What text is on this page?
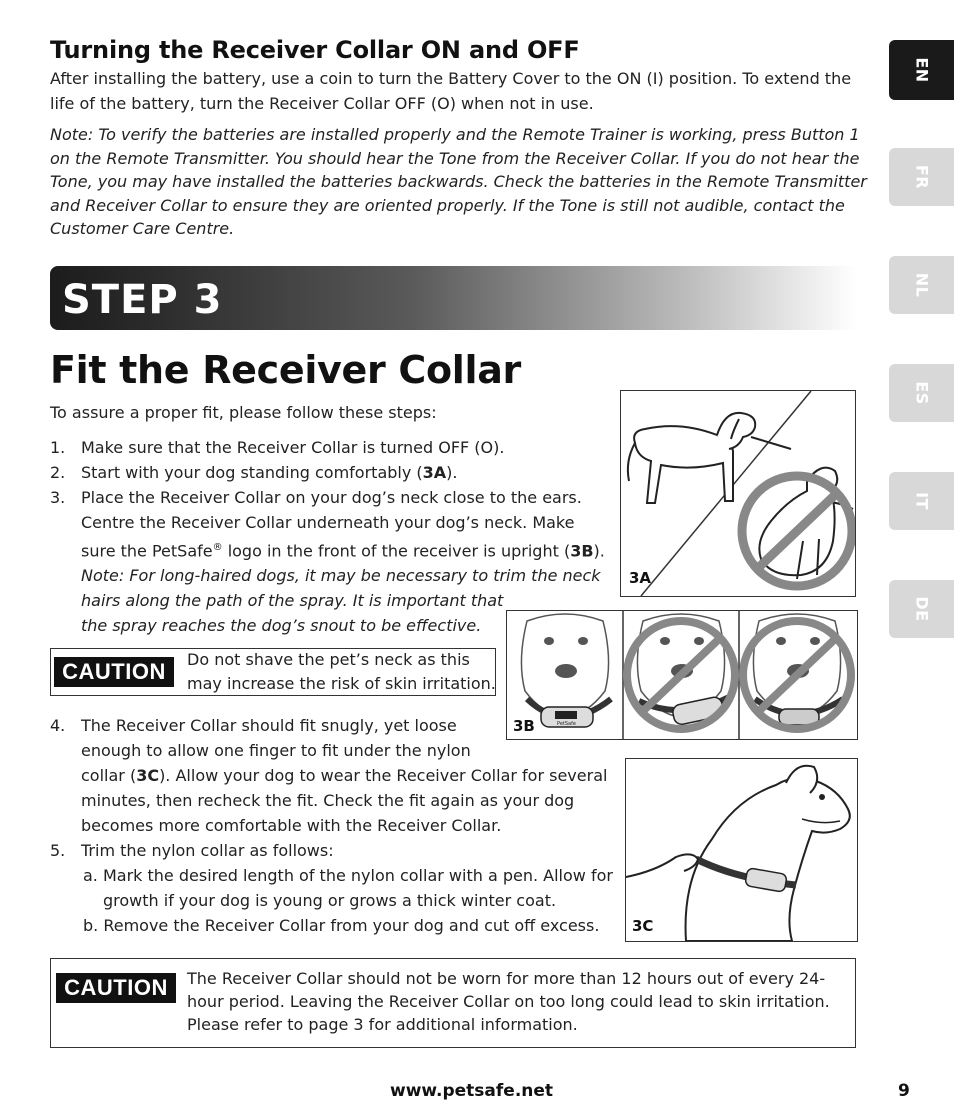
Turning the Receiver Collar ON and OFF
After installing the battery, use a coin to turn the Battery Cover to the ON (I) position. To extend the
life of the battery, turn the Receiver Collar OFF (O) when not in use.
Note: To verify the batteries are installed properly and the Remote Trainer is working, press Button 1
on the Remote Transmitter. You should hear the Tone from the Receiver Collar. If you do not hear the
Tone, you may have installed the batteries backwards. Check the batteries in the Remote Transmitter
and Receiver Collar to ensure they are oriented properly. If the Tone is still not audible, contact the
Customer Care Centre.
STEP 3
Fit the Receiver Collar
To assure a proper fit, please follow these steps:
1. Make sure that the Receiver Collar is turned OFF (O).
2. Start with your dog standing comfortably (3A).
3. Place the Receiver Collar on your dog’s neck close to the ears.
Centre the Receiver Collar underneath your dog’s neck. Make
sure the PetSafe® logo in the front of the receiver is upright (3B).
Note: For long-haired dogs, it may be necessary to trim the neck
hairs along the path of the spray. It is important that
the spray reaches the dog’s snout to be effective.
CAUTION	Do not shave the pet’s neck as this
may increase the risk of skin irritation.
4. The Receiver Collar should fit snugly, yet loose
enough to allow one finger to fit under the nylon
collar (3C). Allow your dog to wear the Receiver Collar for several
minutes, then recheck the fit. Check the fit again as your dog
becomes more comfortable with the Receiver Collar.
5. Trim the nylon collar as follows:
a. Mark the desired length of the nylon collar with a pen. Allow for
growth if your dog is young or grows a thick winter coat.
b. Remove the Receiver Collar from your dog and cut off excess.
CAUTION	The Receiver Collar should not be worn for more than 12 hours out of every 24-
hour period. Leaving the Receiver Collar on too long could lead to skin irritation.
Please refer to page 3 for additional information.
3A
PetSafe
3B
3C
EN
FR
NL
ES
IT
DE
www.petsafe.net	9
